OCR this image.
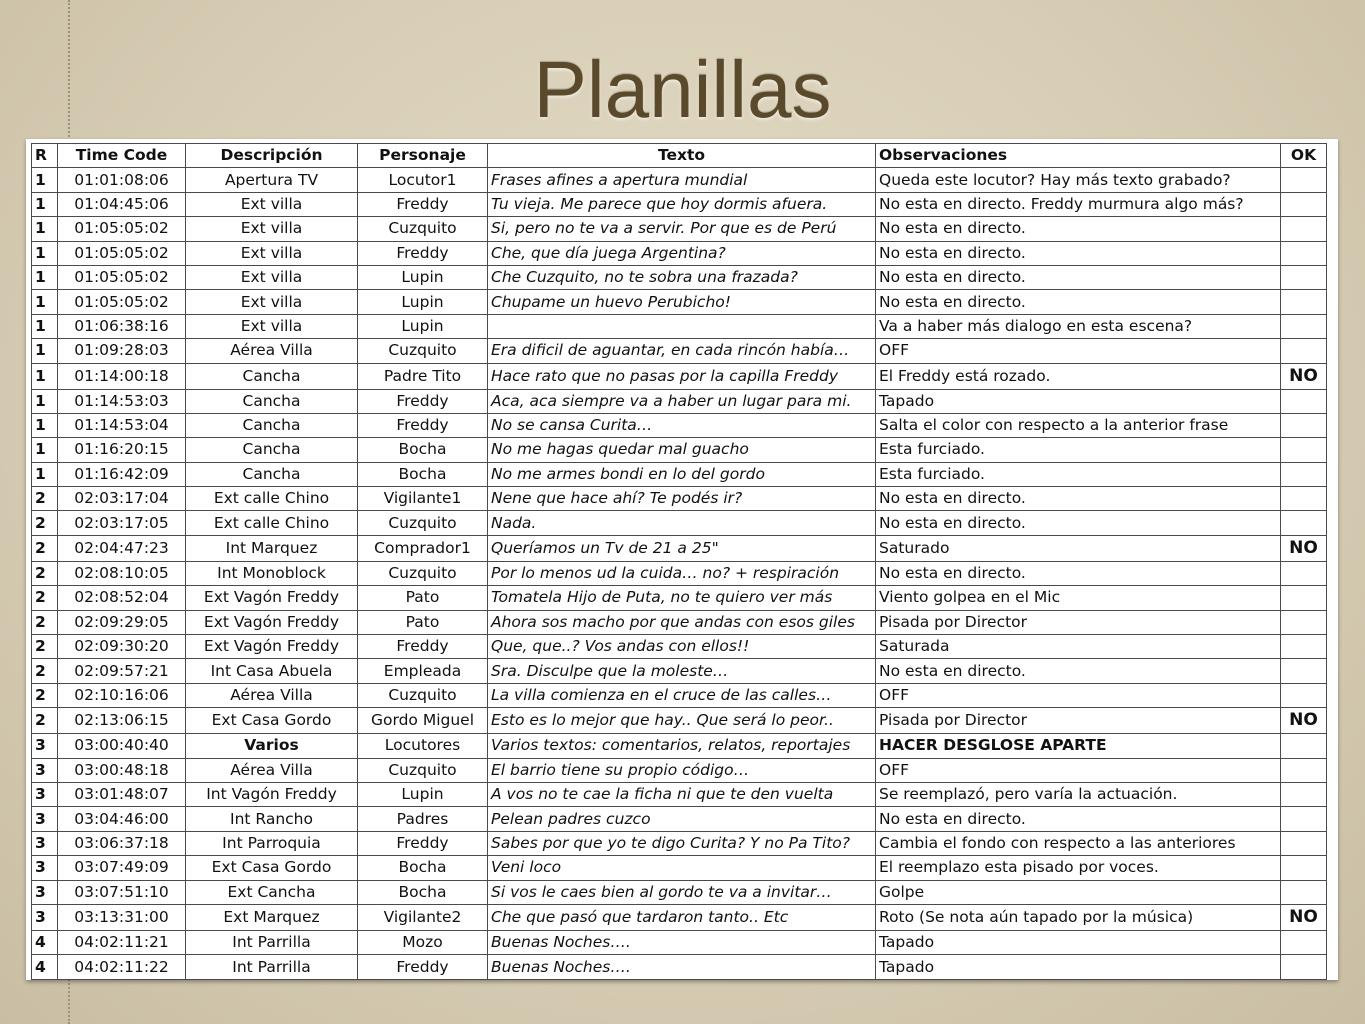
Planillas
R	Time Code	Descripción	Personaje	Texto	Observaciones	OK
1	01:01:08:06	Apertura TV	Locutor1	Frases afines a apertura mundial	Queda este locutor? Hay más texto grabado?	
1	01:04:45:06	Ext villa	Freddy	Tu vieja. Me parece que hoy dormis afuera.	No esta en directo. Freddy murmura algo más?	
1	01:05:05:02	Ext villa	Cuzquito	Si, pero no te va a servir. Por que es de Perú	No esta en directo.	
1	01:05:05:02	Ext villa	Freddy	Che, que día juega Argentina?	No esta en directo.	
1	01:05:05:02	Ext villa	Lupin	Che Cuzquito, no te sobra una frazada?	No esta en directo.	
1	01:05:05:02	Ext villa	Lupin	Chupame un huevo Perubicho!	No esta en directo.	
1	01:06:38:16	Ext villa	Lupin		Va a haber más dialogo en esta escena?	
1	01:09:28:03	Aérea Villa	Cuzquito	Era dificil de aguantar, en cada rincón había…	OFF	
1	01:14:00:18	Cancha	Padre Tito	Hace rato que no pasas por la capilla Freddy	El Freddy está rozado.	NO
1	01:14:53:03	Cancha	Freddy	Aca, aca siempre va a haber un lugar para mi.	Tapado	
1	01:14:53:04	Cancha	Freddy	No se cansa Curita…	Salta el color con respecto a la anterior frase	
1	01:16:20:15	Cancha	Bocha	No me hagas quedar mal guacho	Esta furciado.	
1	01:16:42:09	Cancha	Bocha	No me armes bondi en lo del gordo	Esta furciado.	
2	02:03:17:04	Ext calle Chino	Vigilante1	Nene que hace ahí? Te podés ir?	No esta en directo.	
2	02:03:17:05	Ext calle Chino	Cuzquito	Nada.	No esta en directo.	
2	02:04:47:23	Int Marquez	Comprador1	Queríamos un Tv de 21 a 25"	Saturado	NO
2	02:08:10:05	Int Monoblock	Cuzquito	Por lo menos ud la cuida… no? + respiración	No esta en directo.	
2	02:08:52:04	Ext Vagón Freddy	Pato	Tomatela Hijo de Puta, no te quiero ver más	Viento golpea en el Mic	
2	02:09:29:05	Ext Vagón Freddy	Pato	Ahora sos macho por que andas con esos giles	Pisada por Director	
2	02:09:30:20	Ext Vagón Freddy	Freddy	Que, que..? Vos andas con ellos!!	Saturada	
2	02:09:57:21	Int Casa Abuela	Empleada	Sra. Disculpe que la moleste…	No esta en directo.	
2	02:10:16:06	Aérea Villa	Cuzquito	La villa comienza en el cruce de las calles…	OFF	
2	02:13:06:15	Ext Casa Gordo	Gordo Miguel	Esto es lo mejor que hay.. Que será lo peor..	Pisada por Director	NO
3	03:00:40:40	Varios	Locutores	Varios textos: comentarios, relatos, reportajes	HACER DESGLOSE APARTE	
3	03:00:48:18	Aérea Villa	Cuzquito	El barrio tiene su propio código…	OFF	
3	03:01:48:07	Int Vagón Freddy	Lupin	A vos no te cae la ficha ni que te den vuelta	Se reemplazó, pero varía la actuación.	
3	03:04:46:00	Int Rancho	Padres	Pelean padres cuzco	No esta en directo.	
3	03:06:37:18	Int Parroquia	Freddy	Sabes por que yo te digo Curita? Y no Pa Tito?	Cambia el fondo con respecto a las anteriores	
3	03:07:49:09	Ext Casa Gordo	Bocha	Veni loco	El reemplazo esta pisado por voces.	
3	03:07:51:10	Ext Cancha	Bocha	Si vos le caes bien al gordo te va a invitar…	Golpe	
3	03:13:31:00	Ext Marquez	Vigilante2	Che que pasó que tardaron tanto.. Etc	Roto (Se nota aún tapado por la música)	NO
4	04:02:11:21	Int Parrilla	Mozo	Buenas Noches….	Tapado	
4	04:02:11:22	Int Parrilla	Freddy	Buenas Noches….	Tapado	
